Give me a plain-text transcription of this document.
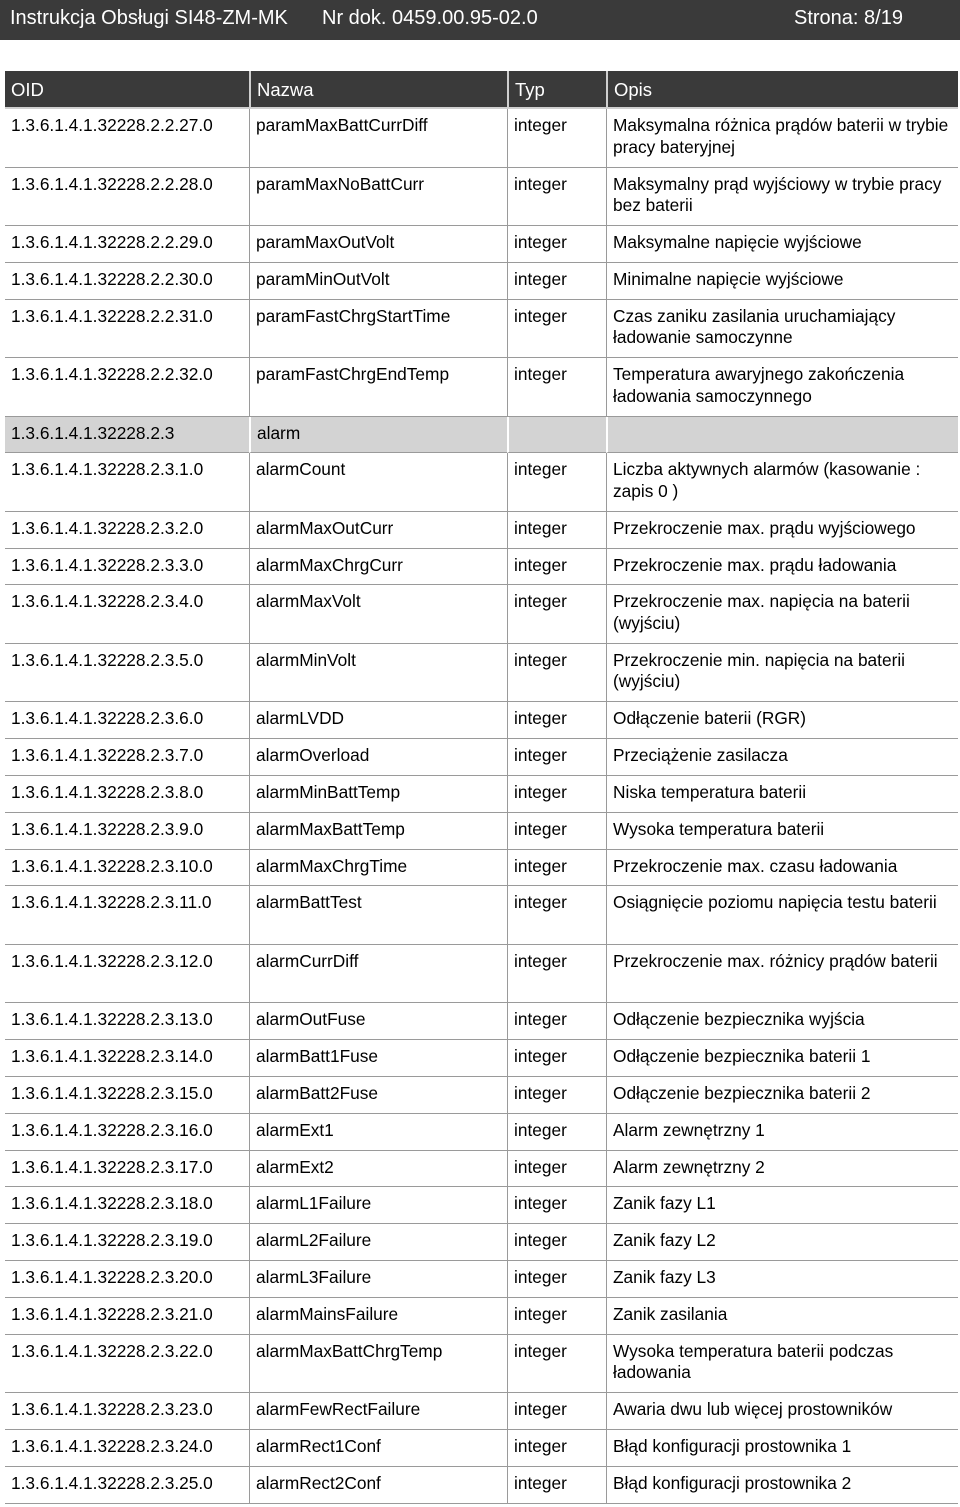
Instrukcja Obsługi SI48-ZM-MK Nr dok. 0459.00.95-02.0	Strona: 8/19
OID	Nazwa	Typ	Opis
1.3.6.1.4.1.32228.2.2.27.0	paramMaxBattCurrDiff	integer	Maksymalna różnica prądów baterii w trybie pracy bateryjnej
1.3.6.1.4.1.32228.2.2.28.0	paramMaxNoBattCurr	integer	Maksymalny prąd wyjściowy w trybie pracy bez baterii
1.3.6.1.4.1.32228.2.2.29.0	paramMaxOutVolt	integer	Maksymalne napięcie wyjściowe
1.3.6.1.4.1.32228.2.2.30.0	paramMinOutVolt	integer	Minimalne napięcie wyjściowe
1.3.6.1.4.1.32228.2.2.31.0	paramFastChrgStartTime	integer	Czas zaniku zasilania uruchamiający ładowanie samoczynne
1.3.6.1.4.1.32228.2.2.32.0	paramFastChrgEndTemp	integer	Temperatura awaryjnego zakończenia ładowania samoczynnego
1.3.6.1.4.1.32228.2.3	alarm
1.3.6.1.4.1.32228.2.3.1.0	alarmCount	integer	Liczba aktywnych alarmów (kasowanie : zapis 0 )
1.3.6.1.4.1.32228.2.3.2.0	alarmMaxOutCurr	integer	Przekroczenie max. prądu wyjściowego
1.3.6.1.4.1.32228.2.3.3.0	alarmMaxChrgCurr	integer	Przekroczenie max. prądu ładowania
1.3.6.1.4.1.32228.2.3.4.0	alarmMaxVolt	integer	Przekroczenie max. napięcia na baterii (wyjściu)
1.3.6.1.4.1.32228.2.3.5.0	alarmMinVolt	integer	Przekroczenie min. napięcia na baterii (wyjściu)
1.3.6.1.4.1.32228.2.3.6.0	alarmLVDD	integer	Odłączenie baterii (RGR)
1.3.6.1.4.1.32228.2.3.7.0	alarmOverload	integer	Przeciążenie zasilacza
1.3.6.1.4.1.32228.2.3.8.0	alarmMinBattTemp	integer	Niska temperatura baterii
1.3.6.1.4.1.32228.2.3.9.0	alarmMaxBattTemp	integer	Wysoka temperatura baterii
1.3.6.1.4.1.32228.2.3.10.0	alarmMaxChrgTime	integer	Przekroczenie max. czasu ładowania
1.3.6.1.4.1.32228.2.3.11.0	alarmBattTest	integer	Osiągnięcie poziomu napięcia testu baterii
1.3.6.1.4.1.32228.2.3.12.0	alarmCurrDiff	integer	Przekroczenie max. różnicy prądów baterii
1.3.6.1.4.1.32228.2.3.13.0	alarmOutFuse	integer	Odłączenie bezpiecznika wyjścia
1.3.6.1.4.1.32228.2.3.14.0	alarmBatt1Fuse	integer	Odłączenie bezpiecznika baterii 1
1.3.6.1.4.1.32228.2.3.15.0	alarmBatt2Fuse	integer	Odłączenie bezpiecznika baterii 2
1.3.6.1.4.1.32228.2.3.16.0	alarmExt1	integer	Alarm zewnętrzny 1
1.3.6.1.4.1.32228.2.3.17.0	alarmExt2	integer	Alarm zewnętrzny 2
1.3.6.1.4.1.32228.2.3.18.0	alarmL1Failure	integer	Zanik fazy L1
1.3.6.1.4.1.32228.2.3.19.0	alarmL2Failure	integer	Zanik fazy L2
1.3.6.1.4.1.32228.2.3.20.0	alarmL3Failure	integer	Zanik fazy L3
1.3.6.1.4.1.32228.2.3.21.0	alarmMainsFailure	integer	Zanik zasilania
1.3.6.1.4.1.32228.2.3.22.0	alarmMaxBattChrgTemp	integer	Wysoka temperatura baterii podczas ładowania
1.3.6.1.4.1.32228.2.3.23.0	alarmFewRectFailure	integer	Awaria dwu lub więcej prostowników
1.3.6.1.4.1.32228.2.3.24.0	alarmRect1Conf	integer	Błąd konfiguracji prostownika 1
1.3.6.1.4.1.32228.2.3.25.0	alarmRect2Conf	integer	Błąd konfiguracji prostownika 2
